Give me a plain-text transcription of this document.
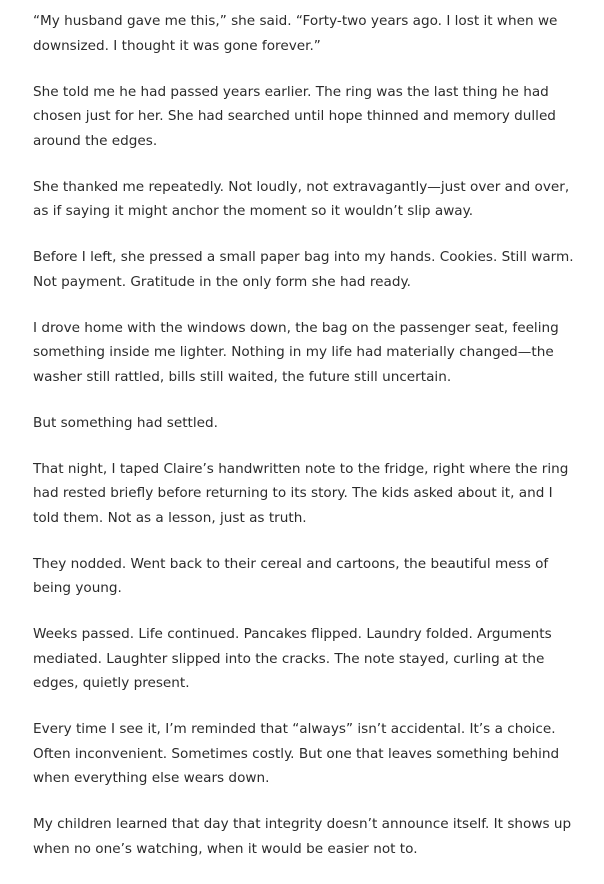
“My husband gave me this,” she said. “Forty-two years ago. I lost it when we downsized. I thought it was gone forever.”

She told me he had passed years earlier. The ring was the last thing he had chosen just for her. She had searched until hope thinned and memory dulled around the edges.

She thanked me repeatedly. Not loudly, not extravagantly—just over and over, as if saying it might anchor the moment so it wouldn’t slip away.

Before I left, she pressed a small paper bag into my hands. Cookies. Still warm. Not payment. Gratitude in the only form she had ready.

I drove home with the windows down, the bag on the passenger seat, feeling something inside me lighter. Nothing in my life had materially changed—the washer still rattled, bills still waited, the future still uncertain.

But something had settled.

That night, I taped Claire’s handwritten note to the fridge, right where the ring had rested briefly before returning to its story. The kids asked about it, and I told them. Not as a lesson, just as truth.

They nodded. Went back to their cereal and cartoons, the beautiful mess of being young.

Weeks passed. Life continued. Pancakes flipped. Laundry folded. Arguments mediated. Laughter slipped into the cracks. The note stayed, curling at the edges, quietly present.

Every time I see it, I’m reminded that “always” isn’t accidental. It’s a choice. Often inconvenient. Sometimes costly. But one that leaves something behind when everything else wears down.

My children learned that day that integrity doesn’t announce itself. It shows up when no one’s watching, when it would be easier not to.
